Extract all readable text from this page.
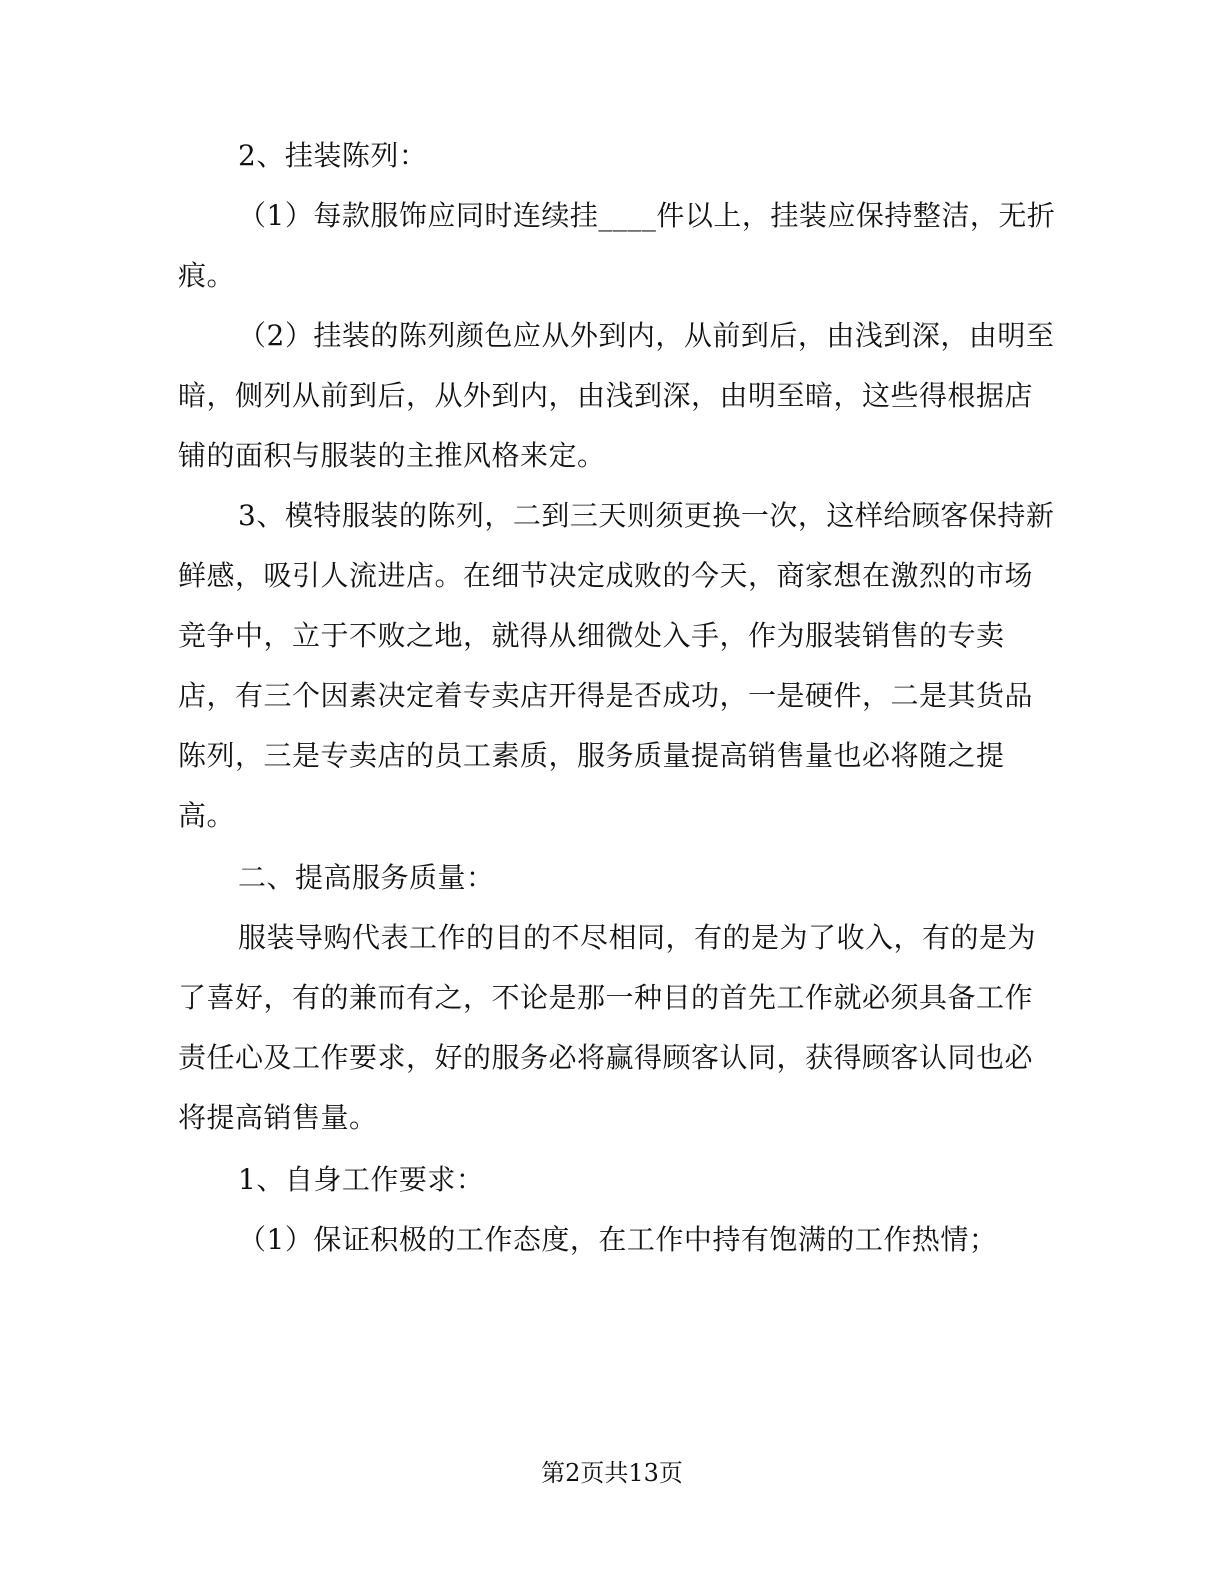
2、挂装陈列：
（1）每款服饰应同时连续挂____件以上，挂装应保持整洁，无折
痕。
（2）挂装的陈列颜色应从外到内，从前到后，由浅到深，由明至
暗，侧列从前到后，从外到内，由浅到深，由明至暗，这些得根据店
铺的面积与服装的主推风格来定。
3、模特服装的陈列，二到三天则须更换一次，这样给顾客保持新
鲜感，吸引人流进店。在细节决定成败的今天，商家想在激烈的市场
竞争中，立于不败之地，就得从细微处入手，作为服装销售的专卖
店，有三个因素决定着专卖店开得是否成功，一是硬件，二是其货品
陈列，三是专卖店的员工素质，服务质量提高销售量也必将随之提
高。
二、提高服务质量：
服装导购代表工作的目的不尽相同，有的是为了收入，有的是为
了喜好，有的兼而有之，不论是那一种目的首先工作就必须具备工作
责任心及工作要求，好的服务必将赢得顾客认同，获得顾客认同也必
将提高销售量。
1、自身工作要求：
（1）保证积极的工作态度，在工作中持有饱满的工作热情；
第2页共13页
